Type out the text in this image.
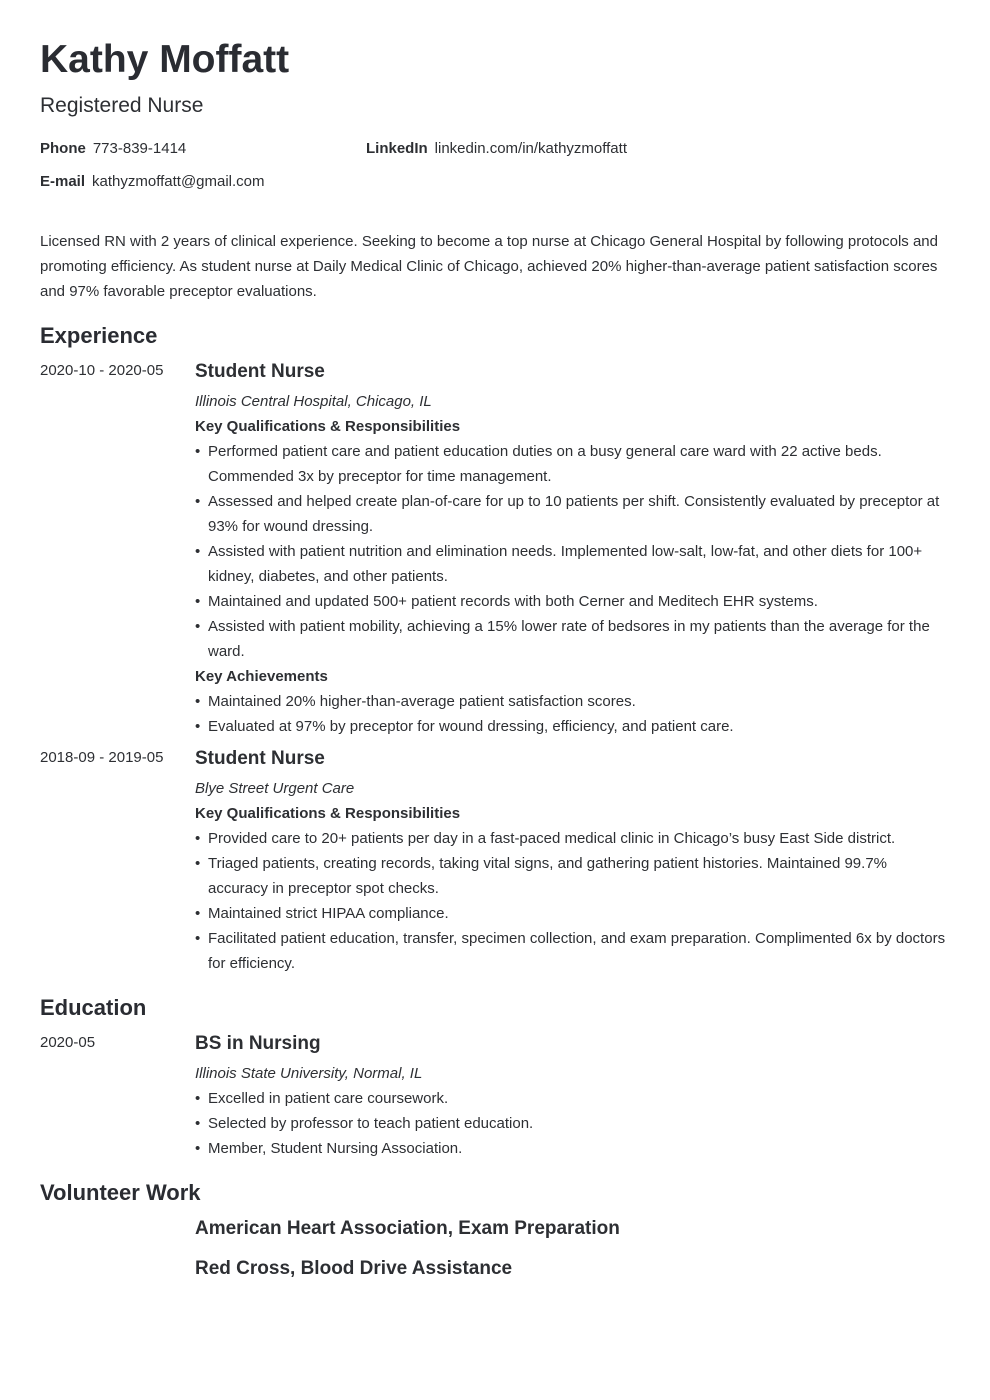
Kathy Moffatt
Registered Nurse
Phone 773-839-1414	LinkedIn linkedin.com/in/kathyzmoffatt
E-mail kathyzmoffatt@gmail.com
Licensed RN with 2 years of clinical experience. Seeking to become a top nurse at Chicago General Hospital by following protocols and promoting efficiency. As student nurse at Daily Medical Clinic of Chicago, achieved 20% higher-than-average patient satisfaction scores and 97% favorable preceptor evaluations.
Experience
2020-10 - 2020-05	Student Nurse
Illinois Central Hospital, Chicago, IL
Key Qualifications & Responsibilities
• Performed patient care and patient education duties on a busy general care ward with 22 active beds. Commended 3x by preceptor for time management.
• Assessed and helped create plan-of-care for up to 10 patients per shift. Consistently evaluated by preceptor at 93% for wound dressing.
• Assisted with patient nutrition and elimination needs. Implemented low-salt, low-fat, and other diets for 100+ kidney, diabetes, and other patients.
• Maintained and updated 500+ patient records with both Cerner and Meditech EHR systems.
• Assisted with patient mobility, achieving a 15% lower rate of bedsores in my patients than the average for the ward.
Key Achievements
• Maintained 20% higher-than-average patient satisfaction scores.
• Evaluated at 97% by preceptor for wound dressing, efficiency, and patient care.
2018-09 - 2019-05	Student Nurse
Blye Street Urgent Care
Key Qualifications & Responsibilities
• Provided care to 20+ patients per day in a fast-paced medical clinic in Chicago’s busy East Side district.
• Triaged patients, creating records, taking vital signs, and gathering patient histories. Maintained 99.7% accuracy in preceptor spot checks.
• Maintained strict HIPAA compliance.
• Facilitated patient education, transfer, specimen collection, and exam preparation. Complimented 6x by doctors for efficiency.
Education
2020-05	BS in Nursing
Illinois State University, Normal, IL
• Excelled in patient care coursework.
• Selected by professor to teach patient education.
• Member, Student Nursing Association.
Volunteer Work
American Heart Association, Exam Preparation
Red Cross, Blood Drive Assistance
